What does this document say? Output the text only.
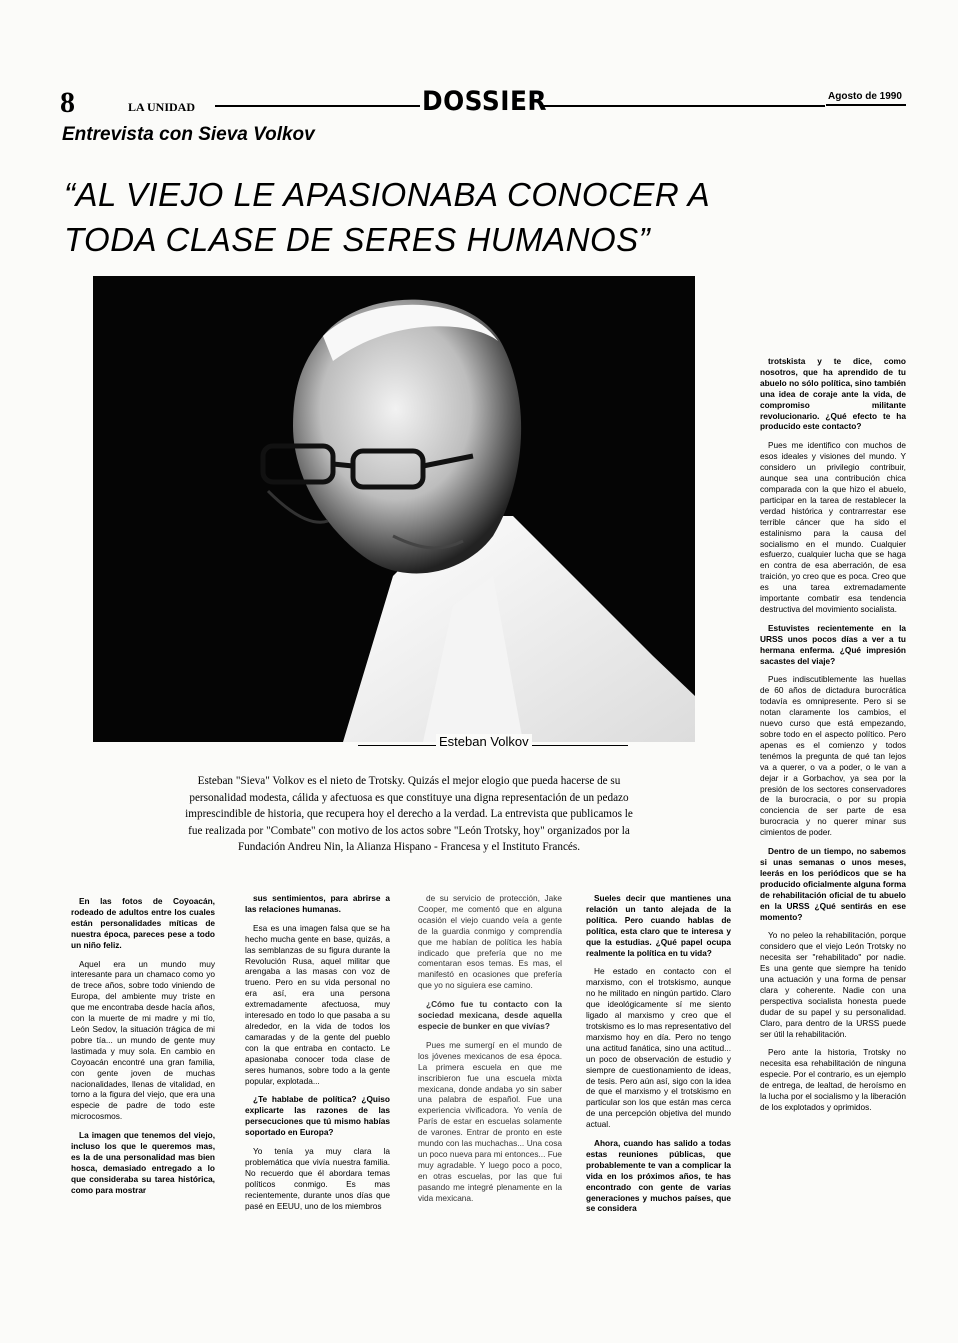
8	LA UNIDAD	DOSSIER	Agosto de 1990
Entrevista con Sieva Volkov
“AL VIEJO LE APASIONABA CONOCER A TODA CLASE DE SERES HUMANOS”
Esteban Volkov
Esteban "Sieva" Volkov es el nieto de Trotsky. Quizás el mejor elogio que pueda hacerse de su personalidad modesta, cálida y afectuosa es que constituye una digna representación de un pedazo imprescindible de historia, que recupera hoy el derecho a la verdad. La entrevista que publicamos le fue realizada por "Combate" con motivo de los actos sobre "León Trotsky, hoy" organizados por la Fundación Andreu Nin, la Alianza Hispano - Francesa y el Instituto Francés.

En las fotos de Coyoacán, rodeado de adultos entre los cuales están personalidades míticas de nuestra época, pareces pese a todo un niño feliz.

Aquel era un mundo muy interesante para un chamaco como yo de trece años, sobre todo viniendo de Europa, del ambiente muy triste en que me encontraba desde hacía años, con la muerte de mi madre y mi tío, León Sedov, la situación trágica de mi pobre tía... un mundo de gente muy lastimada y muy sola. En cambio en Coyoacán encontré una gran familia, con gente joven de muchas nacionalidades, llenas de vitalidad, en torno a la figura del viejo, que era una especie de padre de todo este microcosmos.

La imagen que tenemos del viejo, incluso los que le queremos mas, es la de una personalidad mas bien hosca, demasiado entregado a lo que consideraba su tarea histórica, como para mostrar

sus sentimientos, para abrirse a las relaciones humanas.

Esa es una imagen falsa que se ha hecho mucha gente en base, quizás, a las semblanzas de su figura durante la Revolución Rusa, aquel militar que arengaba a las masas con voz de trueno. Pero en su vida personal no era así, era una persona extremadamente afectuosa, muy interesado en todo lo que pasaba a su alrededor, en la vida de todos los camaradas y de la gente del pueblo con la que entraba en contacto. Le apasionaba conocer toda clase de seres humanos, sobre todo a la gente popular, explotada...

¿Te hablabe de política? ¿Quiso explicarte las razones de las persecuciones que tú mismo habías soportado en Europa?

Yo tenía ya muy clara la problemática que vivía nuestra familia. No recuerdo que él abordara temas políticos conmigo. Es mas recientemente, durante unos días que pasé en EEUU, uno de los miembros

de su servicio de protección, Jake Cooper, me comentó que en alguna ocasión el viejo cuando veía a gente de la guardia conmigo y comprendía que me habían de política les había indicado que prefería que no me comentaran esos temas. Es mas, el manifestó en ocasiones que prefería que yo no siguiera ese camino.

¿Cómo fue tu contacto con la sociedad mexicana, desde aquella especie de bunker en que vivías?

Pues me sumergí en el mundo de los jóvenes mexicanos de esa época. La primera escuela en que me inscribieron fue una escuela mixta mexicana, donde andaba yo sin saber una palabra de español. Fue una experiencia vivificadora. Yo venía de París de estar en escuelas solamente de varones. Entrar de pronto en este mundo con las muchachas... Una cosa un poco nueva para mi entonces... Fue muy agradable. Y luego poco a poco, en otras escuelas, por las que fui pasando me integré plenamente en la vida mexicana.

Sueles decir que mantienes una relación un tanto alejada de la política. Pero cuando hablas de política, esta claro que te interesa y que la estudias. ¿Qué papel ocupa realmente la política en tu vida?

He estado en contacto con el marxismo, con el trotskismo, aunque no he militado en ningún partido. Claro que ideológicamente sí me siento ligado al marxismo y creo que el trotskismo es lo mas representativo del marxismo hoy en día. Pero no tengo una actitud fanática, sino una actitud... un poco de observación de estudio y siempre de cuestionamiento de ideas, de tesis. Pero aún así, sigo con la idea de que el marxismo y el trotskismo en particular son los que están mas cerca de una percepción objetiva del mundo actual.

Ahora, cuando has salido a todas estas reuniones públicas, que probablemente te van a complicar la vida en los próximos años, te has encontrado con gente de varias generaciones y muchos países, que se considera

trotskista y te dice, como nosotros, que ha aprendido de tu abuelo no sólo política, sino también una idea de coraje ante la vida, de compromiso militante revolucionario. ¿Qué efecto te ha producido este contacto?

Pues me identifico con muchos de esos ideales y visiones del mundo. Y considero un privilegio contribuir, aunque sea una contribución chica comparada con la que hizo el abuelo, participar en la tarea de restablecer la verdad histórica y contrarrestar ese terrible cáncer que ha sido el estalinismo para la causa del socialismo en el mundo. Cualquier esfuerzo, cualquier lucha que se haga en contra de esa aberración, de esa traición, yo creo que es poca. Creo que es una tarea extremadamente importante combatir esa tendencia destructiva del movimiento socialista.

Estuvistes recientemente en la URSS unos pocos días a ver a tu hermana enferma. ¿Qué impresión sacastes del viaje?

Pues indiscutiblemente las huellas de 60 años de dictadura burocrática todavía es omnipresente. Pero si se notan claramente los cambios, el nuevo curso que está empezando, sobre todo en el aspecto político. Pero apenas es el comienzo y todos tenémos la pregunta de qué tan lejos va a querer, o va a poder, o le van a dejar ir a Gorbachov, ya sea por la presión de los sectores conservadores de la burocracia, o por su propia conciencia de ser parte de esa burocracia y no querer minar sus cimientos de poder.

Dentro de un tiempo, no sabemos si unas semanas o unos meses, leerás en los periódicos que se ha producido oficialmente alguna forma de rehabilitación oficial de tu abuelo en la URSS ¿Qué sentirás en ese momento?

Yo no peleo la rehabilitación, porque considero que el viejo León Trotsky no necesita ser "rehabilitado" por nadie. Es una gente que siempre ha tenido una actuación y una forma de pensar clara y coherente. Nadie con una perspectiva socialista honesta puede dudar de su papel y su personalidad. Claro, para dentro de la URSS puede ser útil la rehabilitación.

Pero ante la historia, Trotsky no necesita esa rehabilitación de ninguna especie. Por el contrario, es un ejemplo de entrega, de lealtad, de heroísmo en la lucha por el socialismo y la liberación de los explotados y oprimidos.
